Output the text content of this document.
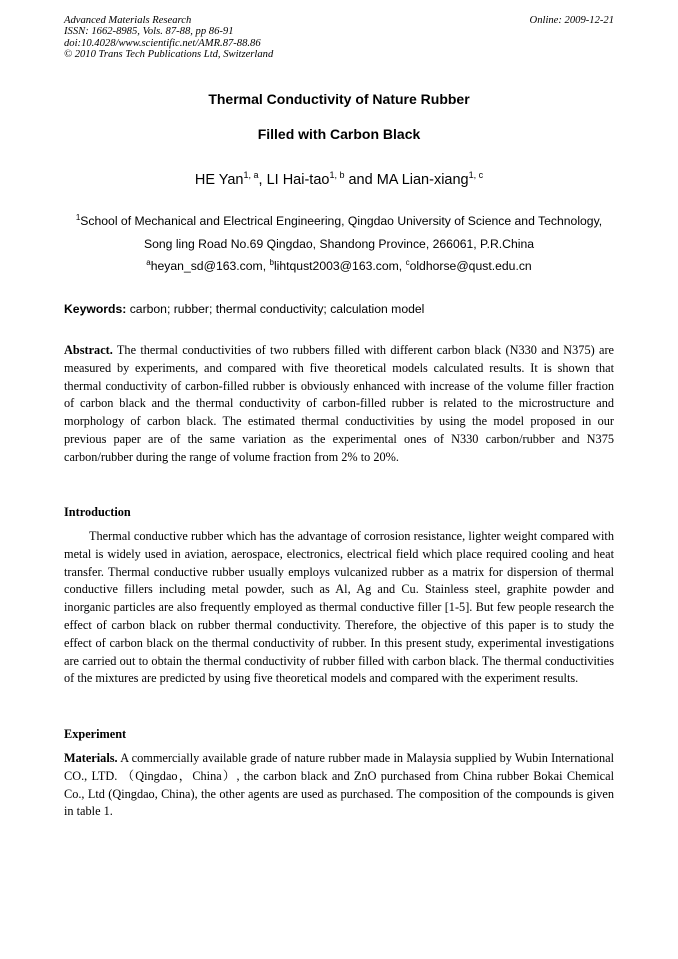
Advanced Materials Research
ISSN: 1662-8985, Vols. 87-88, pp 86-91
doi:10.4028/www.scientific.net/AMR.87-88.86
© 2010 Trans Tech Publications Ltd, Switzerland
Online: 2009-12-21
Thermal Conductivity of Nature Rubber
Filled with Carbon Black
HE Yan$^{1, a}$, LI Hai-tao$^{1, b}$ and MA Lian-xiang$^{1, c}$
$^1$School of Mechanical and Electrical Engineering, Qingdao University of Science and Technology,
Song ling Road No.69 Qingdao, Shandong Province, 266061, P.R.China
$^a$heyan_sd@163.com, $^b$lihtqust2003@163.com, $^c$oldhorse@qust.edu.cn
Keywords: carbon; rubber; thermal conductivity; calculation model
Abstract. The thermal conductivities of two rubbers filled with different carbon black (N330 and N375) are measured by experiments, and compared with five theoretical models calculated results. It is shown that thermal conductivity of carbon-filled rubber is obviously enhanced with increase of the volume filler fraction of carbon black and the thermal conductivity of carbon-filled rubber is related to the microstructure and morphology of carbon black. The estimated thermal conductivities by using the model proposed in our previous paper are of the same variation as the experimental ones of N330 carbon/rubber and N375 carbon/rubber during the range of volume fraction from 2% to 20%.
Introduction
Thermal conductive rubber which has the advantage of corrosion resistance, lighter weight compared with metal is widely used in aviation, aerospace, electronics, electrical field which place required cooling and heat transfer. Thermal conductive rubber usually employs vulcanized rubber as a matrix for dispersion of thermal conductive fillers including metal powder, such as Al, Ag and Cu. Stainless steel, graphite powder and inorganic particles are also frequently employed as thermal conductive filler [1-5]. But few people research the effect of carbon black on rubber thermal conductivity. Therefore, the objective of this paper is to study the effect of carbon black on the thermal conductivity of rubber. In this present study, experimental investigations are carried out to obtain the thermal conductivity of rubber filled with carbon black. The thermal conductivities of the mixtures are predicted by using five theoretical models and compared with the experiment results.
Experiment
Materials. A commercially available grade of nature rubber made in Malaysia supplied by Wubin International CO., LTD. （Qingdao，China）, the carbon black and ZnO purchased from China rubber Bokai Chemical Co., Ltd (Qingdao, China), the other agents are used as purchased. The composition of the compounds is given in table 1.
